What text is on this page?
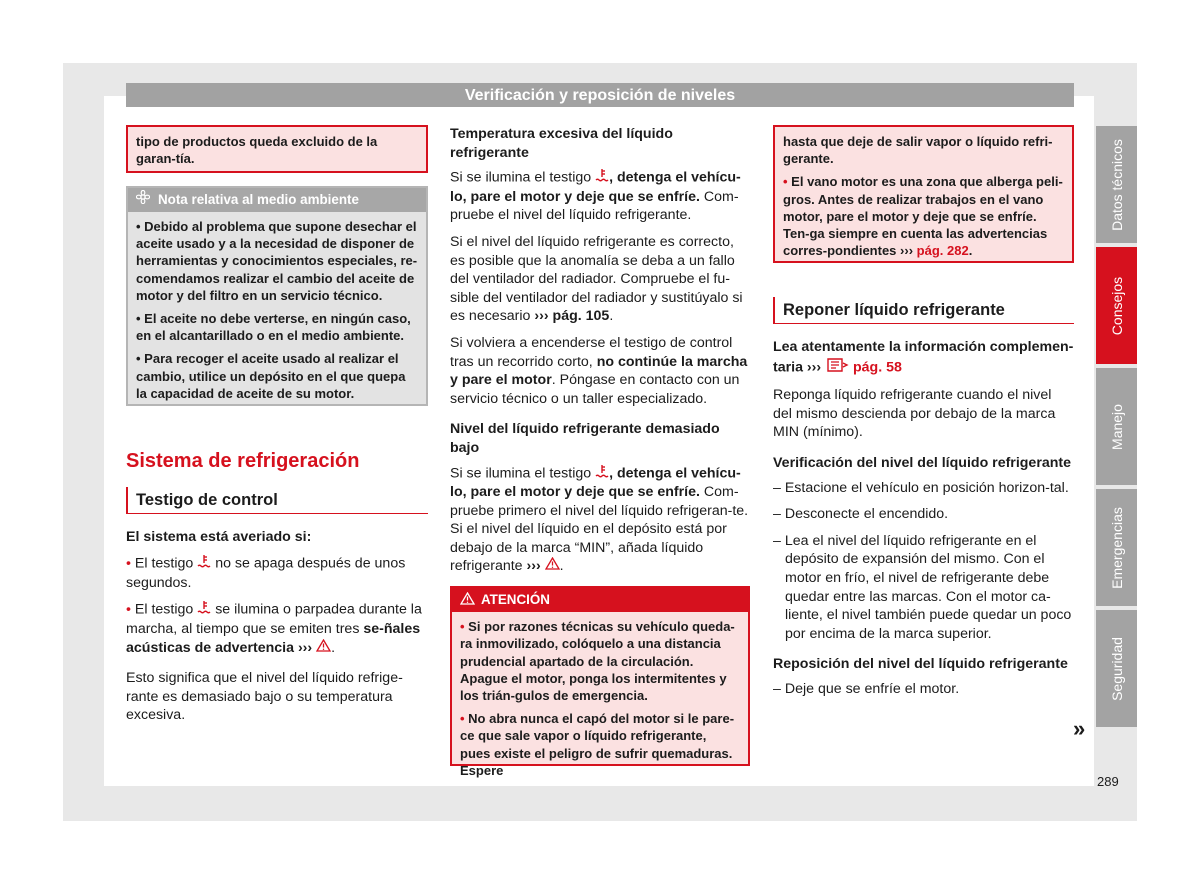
Verificación y reposición de niveles
tipo de productos queda excluido de la garan-tía.
Nota relativa al medio ambiente

• Debido al problema que supone desechar el aceite usado y a la necesidad de disponer de herramientas y conocimientos especiales, re-comendamos realizar el cambio del aceite de motor y del filtro en un servicio técnico.

• El aceite no debe verterse, en ningún caso, en el alcantarillado o en el medio ambiente.

• Para recoger el aceite usado al realizar el cambio, utilice un depósito en el que quepa la capacidad de aceite de su motor.

Sistema de refrigeración
Testigo de control

El sistema está averiado si:

• El testigo no se apaga después de unos segundos.

• El testigo se ilumina o parpadea durante la marcha, al tiempo que se emiten tres se-ñales acústicas de advertencia ››› .

Esto significa que el nivel del líquido refrige-rante es demasiado bajo o su temperatura excesiva.

Temperatura excesiva del líquido refrigerante

Si se ilumina el testigo , detenga el vehícu-lo, pare el motor y deje que se enfríe. Com-pruebe el nivel del líquido refrigerante.

Si el nivel del líquido refrigerante es correcto, es posible que la anomalía se deba a un fallo del ventilador del radiador. Compruebe el fu-sible del ventilador del radiador y sustitúyalo si es necesario ››› pág. 105.

Si volviera a encenderse el testigo de control tras un recorrido corto, no continúe la marcha y pare el motor. Póngase en contacto con un servicio técnico o un taller especializado.

Nivel del líquido refrigerante demasiado bajo

Si se ilumina el testigo , detenga el vehícu-lo, pare el motor y deje que se enfríe. Com-pruebe primero el nivel del líquido refrigeran-te. Si el nivel del líquido en el depósito está por debajo de la marca “MIN”, añada líquido refrigerante ››› .

ATENCIÓN

• Si por razones técnicas su vehículo queda-ra inmovilizado, colóquelo a una distancia prudencial apartado de la circulación. Apague el motor, ponga los intermitentes y los trián-gulos de emergencia.

• No abra nunca el capó del motor si le pare-ce que sale vapor o líquido refrigerante, pues existe el peligro de sufrir quemaduras. Espere

hasta que deje de salir vapor o líquido refri-gerante.

• El vano motor es una zona que alberga peli-gros. Antes de realizar trabajos en el vano motor, pare el motor y deje que se enfríe. Ten-ga siempre en cuenta las advertencias corres-pondientes ››› pág. 282.

Reponer líquido refrigerante

Lea atentamente la información complemen-taria ›››  pág. 58

Reponga líquido refrigerante cuando el nivel del mismo descienda por debajo de la marca MIN (mínimo).

Verificación del nivel del líquido refrigerante

– Estacione el vehículo en posición horizon-tal.

– Desconecte el encendido.

– Lea el nivel del líquido refrigerante en el depósito de expansión del mismo. Con el motor en frío, el nivel de refrigerante debe quedar entre las marcas. Con el motor ca-liente, el nivel también puede quedar un poco por encima de la marca superior.

Reposición del nivel del líquido refrigerante

– Deje que se enfríe el motor.

»
Datos técnicos
Consejos
Manejo
Emergencias
Seguridad
289
